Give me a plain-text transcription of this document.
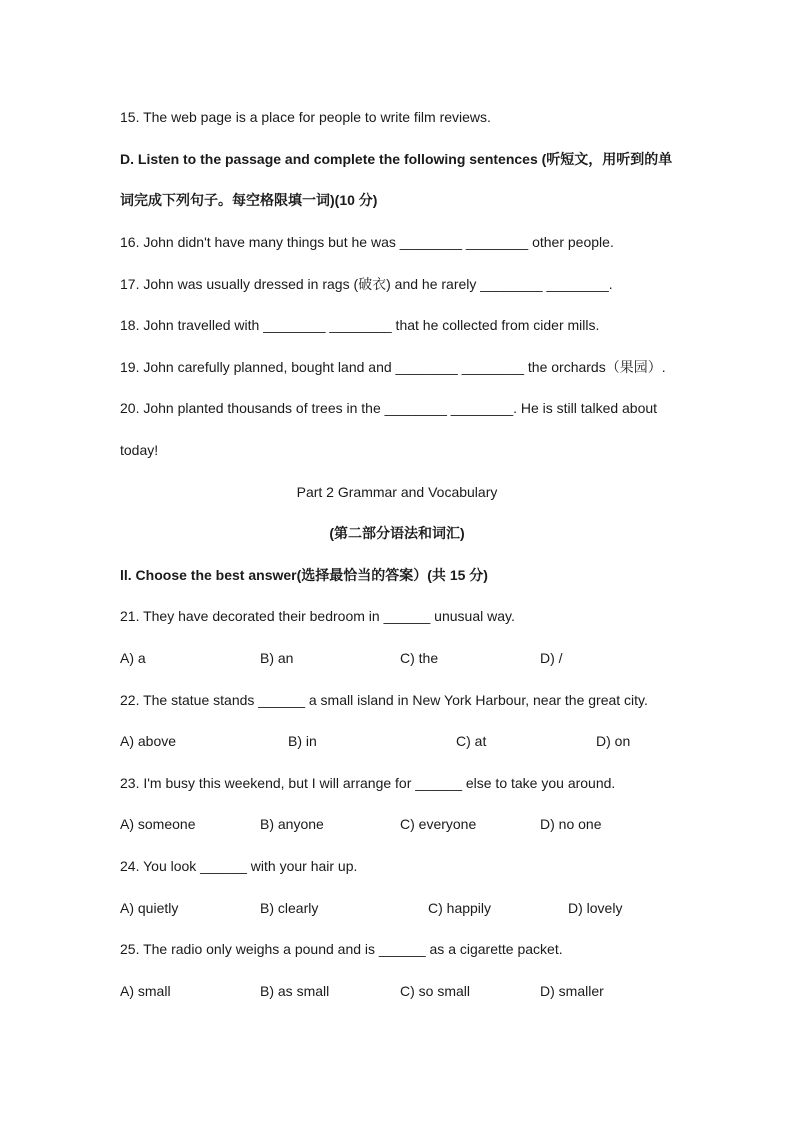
15. The web page is a place for people to write film reviews.
D. Listen to the passage and complete the following sentences (听短文，用听到的单
词完成下列句子。每空格限填一词)(10 分)
16. John didn't have many things but he was ________ ________ other people.
17. John was usually dressed in rags (破衣) and he rarely ________ ________.
18. John travelled with ________ ________ that he collected from cider mills.
19. John carefully planned, bought land and ________ ________ the orchards（果园）.
20. John planted thousands of trees in the ________ ________. He is still talked about
today!
Part 2 Grammar and Vocabulary
(第二部分语法和词汇)
ll. Choose the best answer(选择最恰当的答案）(共 15 分)
21. They have decorated their bedroom in ______ unusual way.
A) a	B) an	C) the	D) /
22. The statue stands ______ a small island in New York Harbour, near the great city.
A) above	B) in	C) at	D) on
23. I'm busy this weekend, but I will arrange for ______ else to take you around.
A) someone	B) anyone	C) everyone	D) no one
24. You look ______ with your hair up.
A) quietly	B) clearly	C) happily	D) lovely
25. The radio only weighs a pound and is ______ as a cigarette packet.
A) small	B) as small	C) so small	D) smaller
